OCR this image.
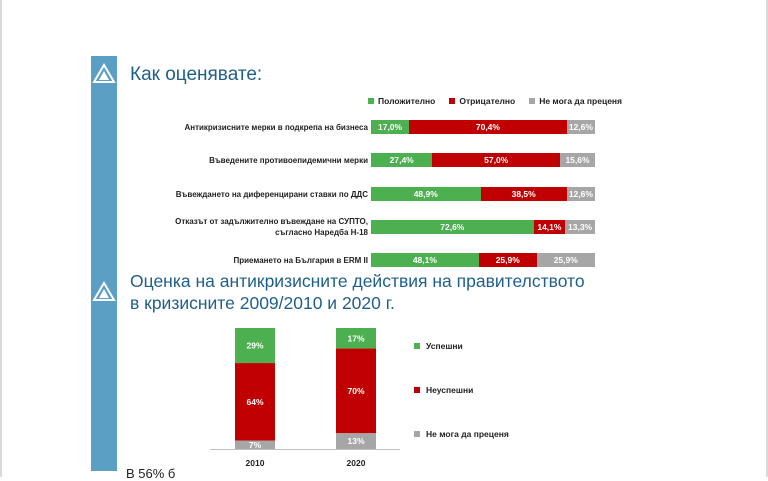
Как оценявате:
Положително	Отрицателно	Не мога да преценя
Антикризисните мерки в подкрепа на бизнеса	17,0%	70,4%	12,6%
Въведените противоепидемични мерки	27,4%	57,0%	15,6%
Въвеждането на диференцирани ставки по ДДС	48,9%	38,5%	12,6%
Отказът от задължително въвеждане на СУПТО,
съгласно Наредба Н-18
72,6%	14,1% 13,3%
Приемането на България в ERM II	48,1%	25,9%	25,9%
Оценка на антикризисните действия на правителството
в кризисните 2009/2010 и 2020 г.
29%
64%
7%
2010
17%
70%
13%
2020
Успешни
Неуспешни
Не мога да преценя
В 56% б
